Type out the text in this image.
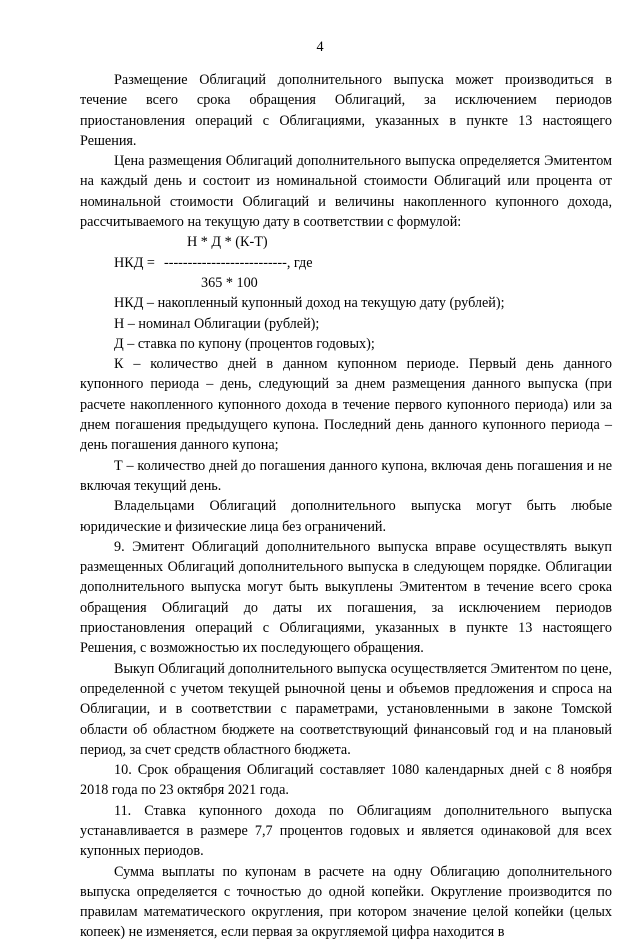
4

Размещение Облигаций дополнительного выпуска может производиться в течение всего срока обращения Облигаций, за исключением периодов приостановления операций с Облигациями, указанных в пункте 13 настоящего Решения.

Цена размещения Облигаций дополнительного выпуска определяется Эмитентом на каждый день и состоит из номинальной стоимости Облигаций или процента от номинальной стоимости Облигаций и величины накопленного купонного дохода, рассчитываемого на текущую дату в соответствии с формулой:

Н * Д * (К-Т)

НКД =

--------------------------, где

365 * 100

НКД – накопленный купонный доход на текущую дату (рублей);

Н – номинал Облигации (рублей);

Д – ставка по купону (процентов годовых);

К – количество дней в данном купонном периоде. Первый день данного купонного периода – день, следующий за днем размещения данного выпуска (при расчете накопленного купонного дохода в течение первого купонного периода) или за днем погашения предыдущего купона. Последний день данного купонного периода – день погашения данного купона;

Т – количество дней до погашения данного купона, включая день погашения и не включая текущий день.

Владельцами Облигаций дополнительного выпуска могут быть любые юридические и физические лица без ограничений.

9. Эмитент Облигаций дополнительного выпуска вправе осуществлять выкуп размещенных Облигаций дополнительного выпуска в следующем порядке. Облигации дополнительного выпуска могут быть выкуплены Эмитентом в течение всего срока обращения Облигаций до даты их погашения, за исключением периодов приостановления операций с Облигациями, указанных в пункте 13 настоящего Решения, с возможностью их последующего обращения.

Выкуп Облигаций дополнительного выпуска осуществляется Эмитентом по цене, определенной с учетом текущей рыночной цены и объемов предложения и спроса на Облигации, и в соответствии с параметрами, установленными в законе Томской области об областном бюджете на соответствующий финансовый год и на плановый период, за счет средств областного бюджета.

10. Срок обращения Облигаций составляет 1080 календарных дней с 8 ноября 2018 года по 23 октября 2021 года.

11. Ставка купонного дохода по Облигациям дополнительного выпуска устанавливается в размере 7,7 процентов годовых и является одинаковой для всех купонных периодов.

Сумма выплаты по купонам в расчете на одну Облигацию дополнительного выпуска определяется с точностью до одной копейки. Округление производится по правилам математического округления, при котором значение целой копейки (целых копеек) не изменяется, если первая за округляемой цифра находится в
